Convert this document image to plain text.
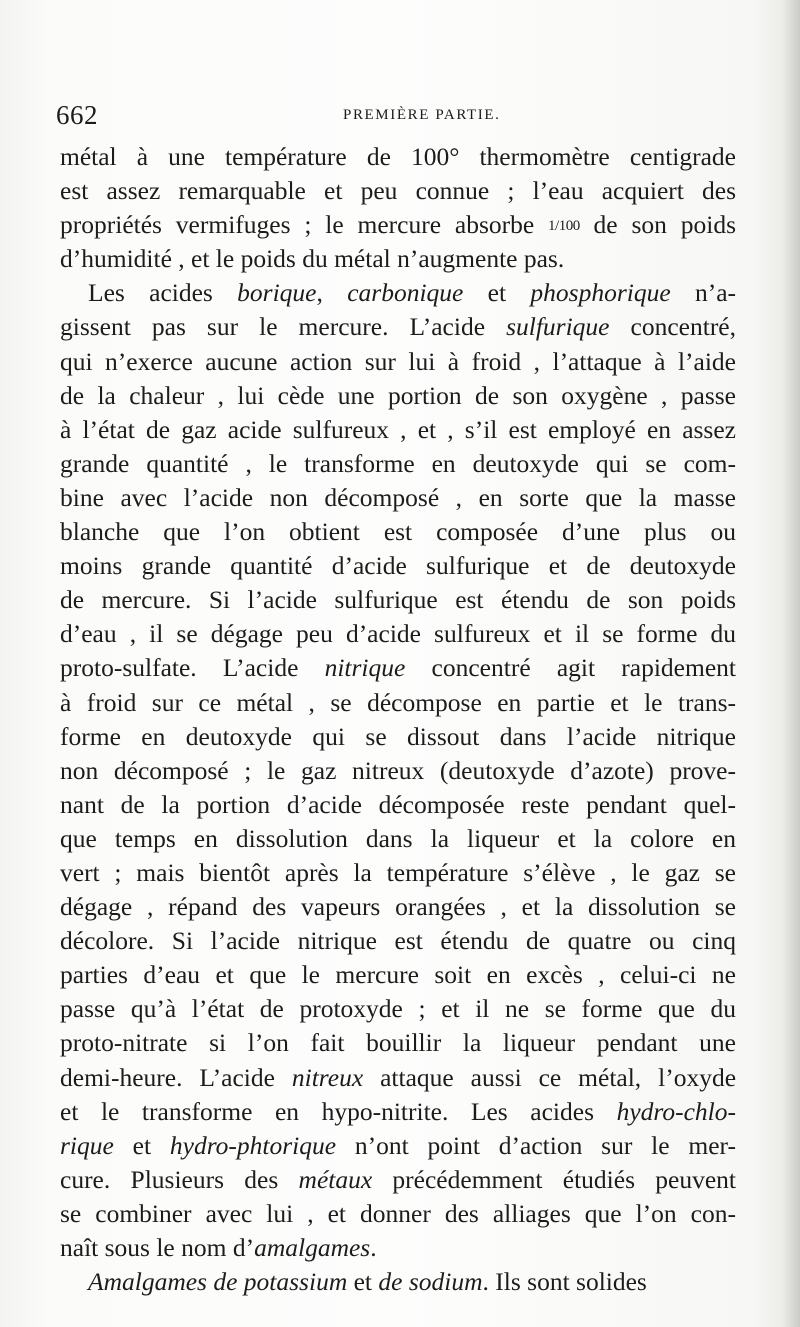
662	PREMIÈRE PARTIE.
métal à une température de 100° thermomètre centigrade
est assez remarquable et peu connue ; l’eau acquiert des
propriétés vermifuges ; le mercure absorbe 1/100 de son poids
d’humidité , et le poids du métal n’augmente pas.
Les acides borique, carbonique et phosphorique n’a-
gissent pas sur le mercure. L’acide sulfurique concentré,
qui n’exerce aucune action sur lui à froid , l’attaque à l’aide
de la chaleur , lui cède une portion de son oxygène , passe
à l’état de gaz acide sulfureux , et , s’il est employé en assez
grande quantité , le transforme en deutoxyde qui se com-
bine avec l’acide non décomposé , en sorte que la masse
blanche que l’on obtient est composée d’une plus ou
moins grande quantité d’acide sulfurique et de deutoxyde
de mercure. Si l’acide sulfurique est étendu de son poids
d’eau , il se dégage peu d’acide sulfureux et il se forme du
proto-sulfate. L’acide nitrique concentré agit rapidement
à froid sur ce métal , se décompose en partie et le trans-
forme en deutoxyde qui se dissout dans l’acide nitrique
non décomposé ; le gaz nitreux (deutoxyde d’azote) prove-
nant de la portion d’acide décomposée reste pendant quel-
que temps en dissolution dans la liqueur et la colore en
vert ; mais bientôt après la température s’élève , le gaz se
dégage , répand des vapeurs orangées , et la dissolution se
décolore. Si l’acide nitrique est étendu de quatre ou cinq
parties d’eau et que le mercure soit en excès , celui-ci ne
passe qu’à l’état de protoxyde ; et il ne se forme que du
proto-nitrate si l’on fait bouillir la liqueur pendant une
demi-heure. L’acide nitreux attaque aussi ce métal, l’oxyde
et le transforme en hypo-nitrite. Les acides hydro-chlo-
rique et hydro-phtorique n’ont point d’action sur le mer-
cure. Plusieurs des métaux précédemment étudiés peuvent
se combiner avec lui , et donner des alliages que l’on con-
naît sous le nom d’amalgames.
Amalgames de potassium et de sodium. Ils sont solides
